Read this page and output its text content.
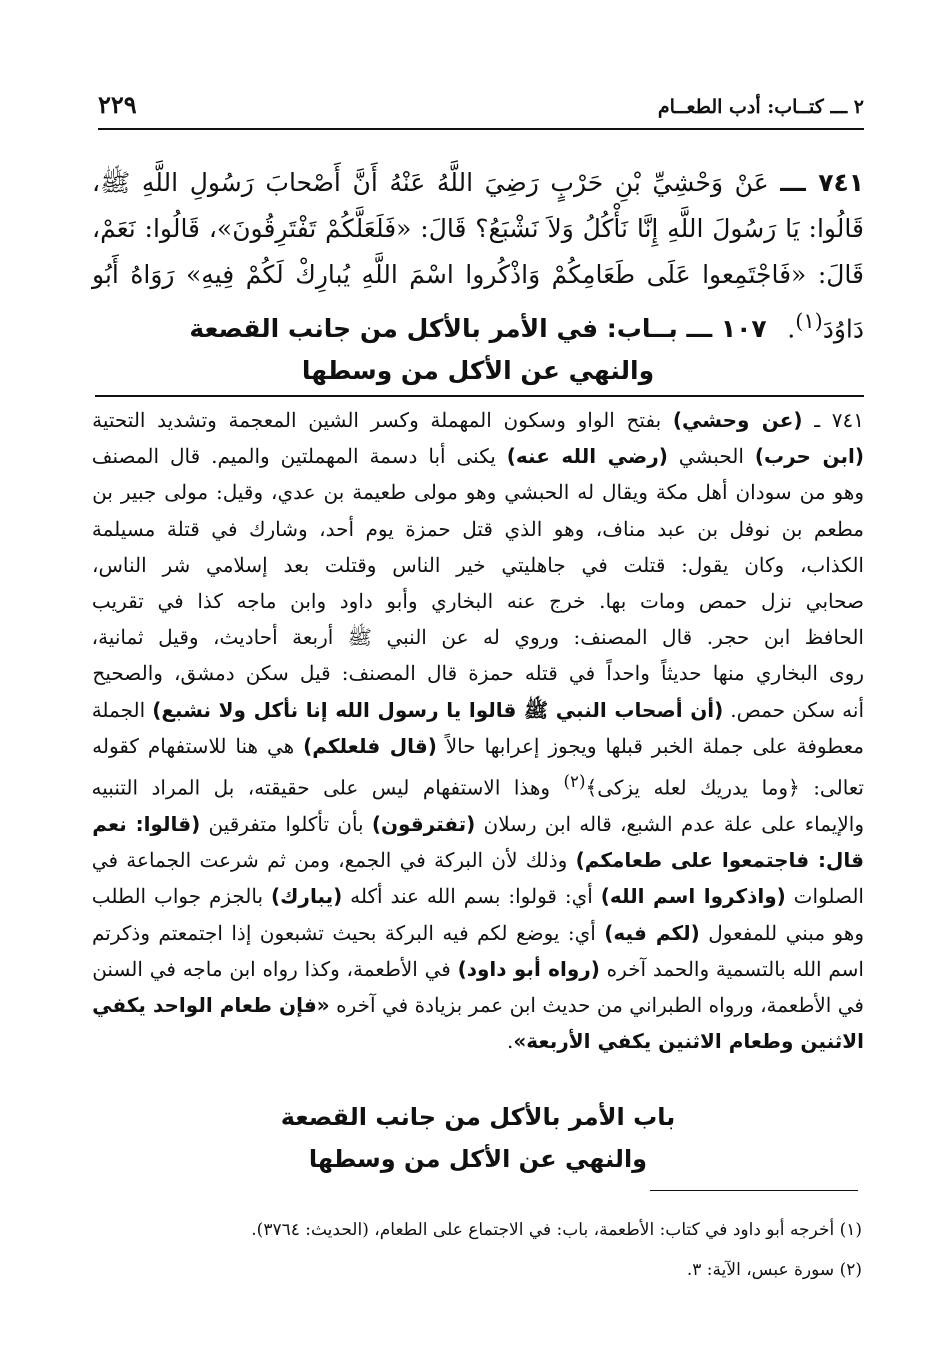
٢ ـــ كتــاب: أدب الطعــام
٢٢٩
٧٤١ ـــ عَنْ وَحْشِيِّ بْنِ حَرْبٍ رَضِيَ اللَّهُ عَنْهُ أَنَّ أَصْحابَ رَسُولِ اللَّهِ ﷺ، قَالُوا: يَا رَسُولَ اللَّهِ إِنَّا نَأْكُلُ وَلاَ نَشْبَعُ؟ قَالَ: «فَلَعَلَّكُمْ تَفْتَرِقُونَ»، قَالُوا: نَعَمْ، قَالَ: «فَاجْتَمِعوا عَلَى طَعَامِكُمْ وَاذْكُروا اسْمَ اللَّهِ يُبارِكْ لَكُمْ فِيهِ» رَوَاهُ أَبُو دَاوُدَ$^{(١)}$.
١٠٧ ـــ بــاب: في الأمر بالأكل من جانب القصعة
والنهي عن الأكل من وسطها
٧٤١ ـ (عن وحشي) بفتح الواو وسكون المهملة وكسر الشين المعجمة وتشديد التحتية
(ابن حرب) الحبشي (رضي الله عنه) يكنى أبا دسمة المهملتين والميم. قال المصنف
وهو من سودان أهل مكة ويقال له الحبشي وهو مولى طعيمة بن عدي، وقيل: مولى جبير بن
مطعم بن نوفل بن عبد مناف، وهو الذي قتل حمزة يوم أحد، وشارك في قتلة مسيلمة
الكذاب، وكان يقول: قتلت في جاهليتي خير الناس وقتلت بعد إسلامي شر الناس،
صحابي نزل حمص ومات بها. خرج عنه البخاري وأبو داود وابن ماجه كذا في تقريب
الحافظ ابن حجر. قال المصنف: وروي له عن النبي ﷺ أربعة أحاديث، وقيل ثمانية،
روى البخاري منها حديثاً واحداً في قتله حمزة قال المصنف: قيل سكن دمشق، والصحيح
أنه سكن حمص. (أن أصحاب النبي ﷺ قالوا يا رسول الله إنا نأكل ولا نشبع) الجملة
معطوفة على جملة الخبر قبلها ويجوز إعرابها حالاً (قال فلعلكم) هي هنا للاستفهام كقوله
تعالى: ﴿وما يدريك لعله يزكى﴾$^{(٢)}$ وهذا الاستفهام ليس على حقيقته، بل المراد التنبيه
والإيماء على علة عدم الشبع، قاله ابن رسلان (تفترقون) بأن تأكلوا متفرقين (قالوا: نعم
قال: فاجتمعوا على طعامكم) وذلك لأن البركة في الجمع، ومن ثم شرعت الجماعة في
الصلوات (واذكروا اسم الله) أي: قولوا: بسم الله عند أكله (يبارك) بالجزم جواب الطلب
وهو مبني للمفعول (لكم فيه) أي: يوضع لكم فيه البركة بحيث تشبعون إذا اجتمعتم وذكرتم
اسم الله بالتسمية والحمد آخره (رواه أبو داود) في الأطعمة، وكذا رواه ابن ماجه في السنن
في الأطعمة، ورواه الطبراني من حديث ابن عمر بزيادة في آخره «فإن طعام الواحد يكفي
الاثنين وطعام الاثنين يكفي الأربعة».
باب الأمر بالأكل من جانب القصعة
والنهي عن الأكل من وسطها
(١) أخرجه أبو داود في كتاب: الأطعمة، باب: في الاجتماع على الطعام، (الحديث: ٣٧٦٤).
(٢) سورة عبس، الآية: ٣.
